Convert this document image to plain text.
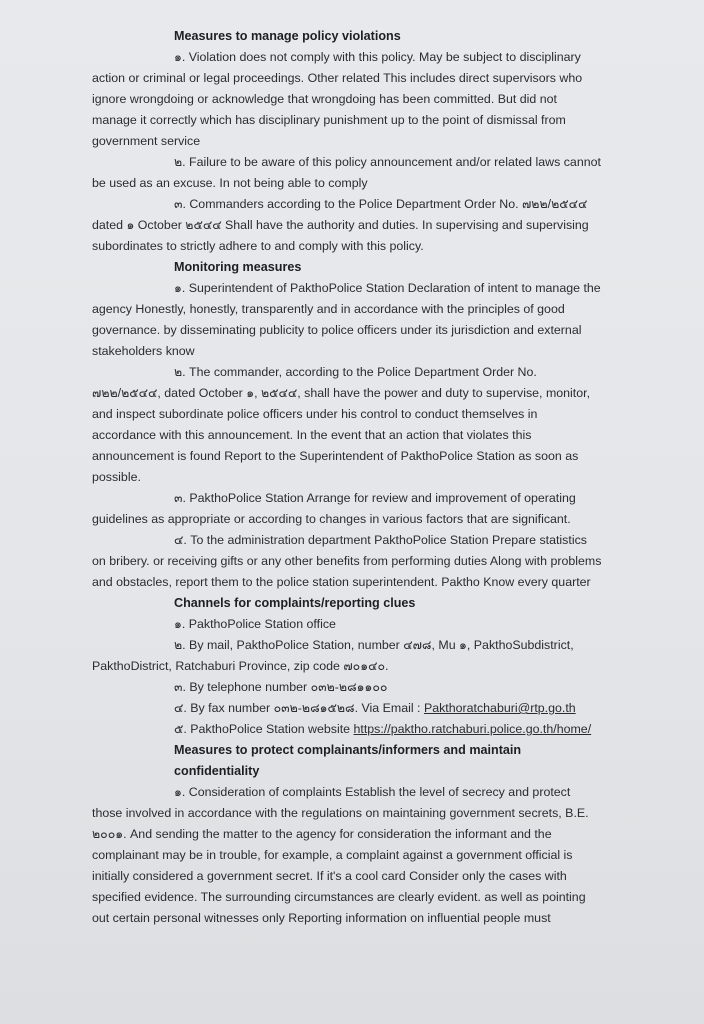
Measures to manage policy violations

๑. Violation does not comply with this policy. May be subject to disciplinary action or criminal or legal proceedings. Other related This includes direct supervisors who ignore wrongdoing or acknowledge that wrongdoing has been committed. But did not manage it correctly which has disciplinary punishment up to the point of dismissal from government service

๒. Failure to be aware of this policy announcement and/or related laws cannot be used as an excuse. In not being able to comply

๓. Commanders according to the Police Department Order No. ๗๒๒/๒๕๔๔ dated ๑ October ๒๕๔๔ Shall have the authority and duties. In supervising and supervising subordinates to strictly adhere to and comply with this policy.

Monitoring measures

๑. Superintendent of PakthoPolice Station Declaration of intent to manage the agency Honestly, honestly, transparently and in accordance with the principles of good governance. by disseminating publicity to police officers under its jurisdiction and external stakeholders know

๒. The commander, according to the Police Department Order No. ๗๒๒/๒๕๔๔, dated October ๑, ๒๕๔๔, shall have the power and duty to supervise, monitor, and inspect subordinate police officers under his control to conduct themselves in accordance with this announcement. In the event that an action that violates this announcement is found Report to the Superintendent of PakthoPolice Station as soon as possible.

๓. PakthoPolice Station Arrange for review and improvement of operating guidelines as appropriate or according to changes in various factors that are significant.

๔. To the administration department PakthoPolice Station Prepare statistics on bribery. or receiving gifts or any other benefits from performing duties Along with problems and obstacles, report them to the police station superintendent. Paktho Know every quarter

Channels for complaints/reporting clues

๑. PakthoPolice Station office

๒. By mail, PakthoPolice Station, number ๔๗๘, Mu ๑, PakthoSubdistrict, PakthoDistrict, Ratchaburi Province, zip code ๗๐๑๔๐.

๓. By telephone number ๐๓๒-๒๘๑๑๐๐

๔. By fax number ๐๓๒-๒๘๑๕๒๘. Via Email : Pakthoratchaburi@rtp.go.th

๕. PakthoPolice Station website https://paktho.ratchaburi.police.go.th/home/

Measures to protect complainants/informers and maintain confidentiality

๑. Consideration of complaints Establish the level of secrecy and protect those involved in accordance with the regulations on maintaining government secrets, B.E. ๒๐๐๑. And sending the matter to the agency for consideration the informant and the complainant may be in trouble, for example, a complaint against a government official is initially considered a government secret. If it's a cool card Consider only the cases with specified evidence. The surrounding circumstances are clearly evident. as well as pointing out certain personal witnesses only Reporting information on influential people must
